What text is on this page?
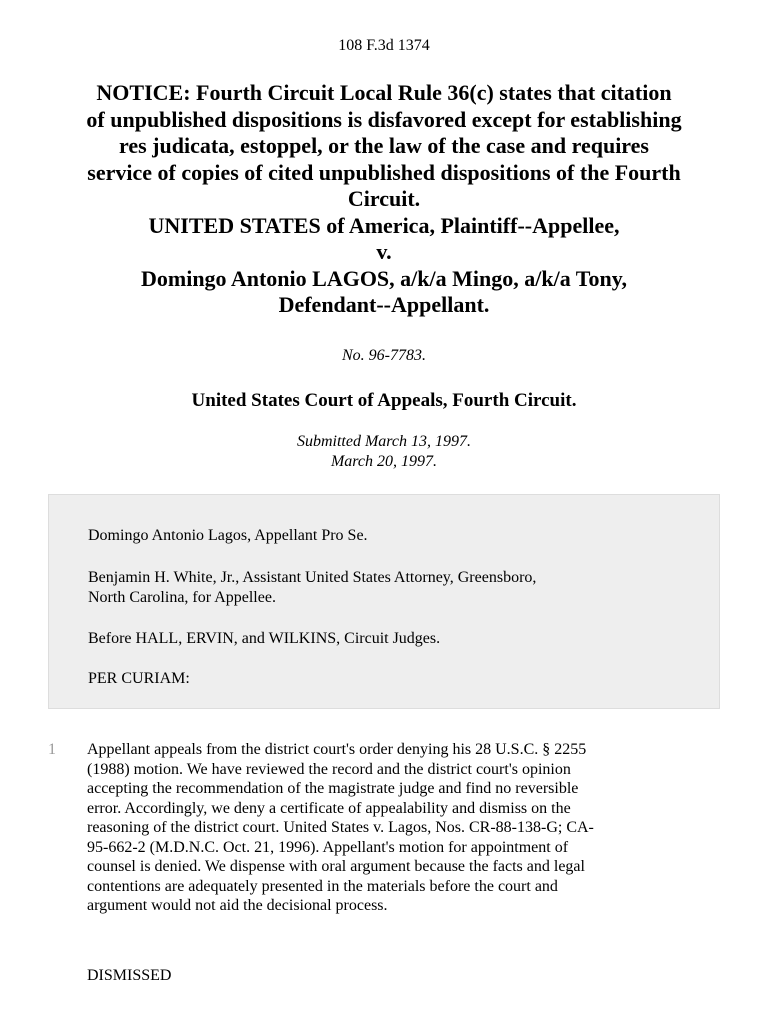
108 F.3d 1374
NOTICE: Fourth Circuit Local Rule 36(c) states that citation
of unpublished dispositions is disfavored except for establishing
res judicata, estoppel, or the law of the case and requires
service of copies of cited unpublished dispositions of the Fourth
Circuit.
UNITED STATES of America, Plaintiff--Appellee,
v.
Domingo Antonio LAGOS, a/k/a Mingo, a/k/a Tony,
Defendant--Appellant.
No. 96-7783.
United States Court of Appeals, Fourth Circuit.
Submitted March 13, 1997.
March 20, 1997.
Domingo Antonio Lagos, Appellant Pro Se.
Benjamin H. White, Jr., Assistant United States Attorney, Greensboro,
North Carolina, for Appellee.
Before HALL, ERVIN, and WILKINS, Circuit Judges.
PER CURIAM:
1	Appellant appeals from the district court's order denying his 28 U.S.C. § 2255
(1988) motion. We have reviewed the record and the district court's opinion
accepting the recommendation of the magistrate judge and find no reversible
error. Accordingly, we deny a certificate of appealability and dismiss on the
reasoning of the district court. United States v. Lagos, Nos. CR-88-138-G; CA-
95-662-2 (M.D.N.C. Oct. 21, 1996). Appellant's motion for appointment of
counsel is denied. We dispense with oral argument because the facts and legal
contentions are adequately presented in the materials before the court and
argument would not aid the decisional process.
DISMISSED
